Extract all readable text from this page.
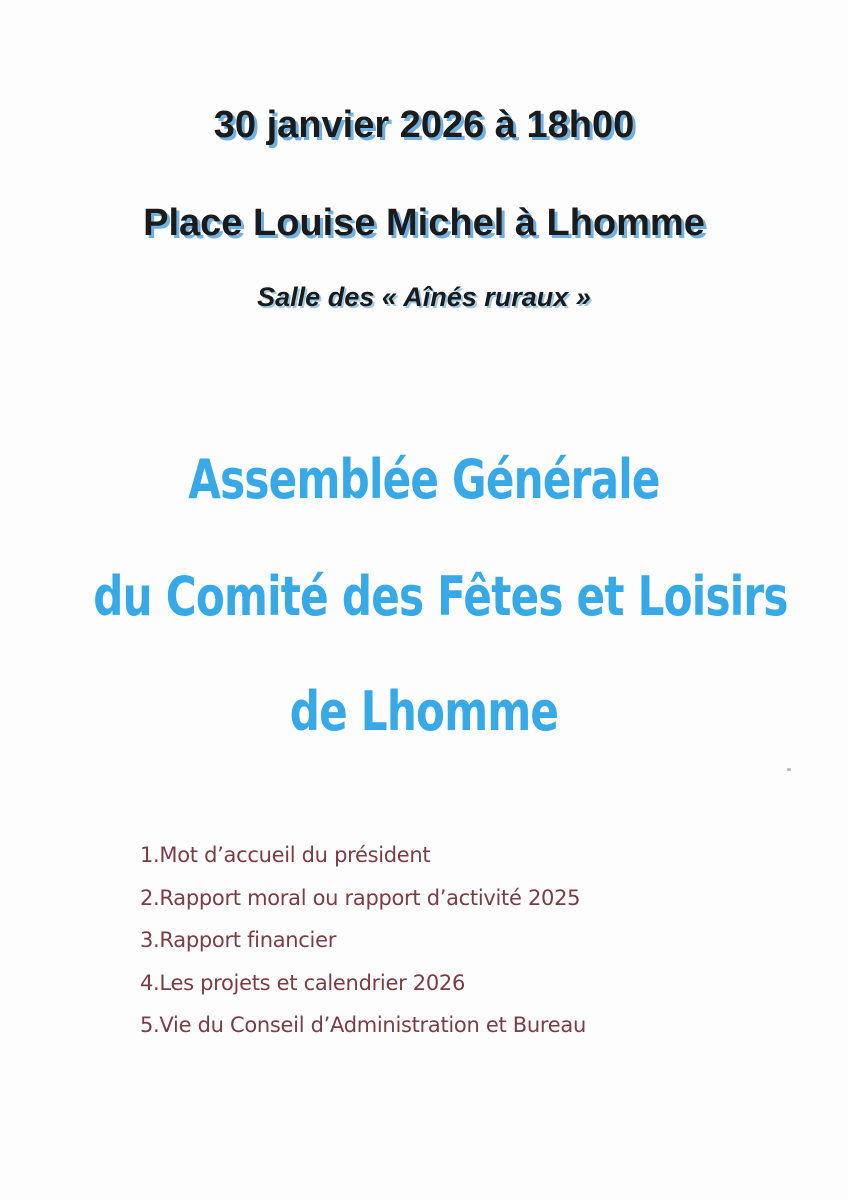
30 janvier 2026 à 18h00
Place Louise Michel à Lhomme
Salle des « Aînés ruraux »
Assemblée Générale
du Comité des Fêtes et Loisirs
de Lhomme
1.Mot d’accueil du président
2.Rapport moral ou rapport d’activité 2025
3.Rapport financier
4.Les projets et calendrier 2026
5.Vie du Conseil d’Administration et Bureau
